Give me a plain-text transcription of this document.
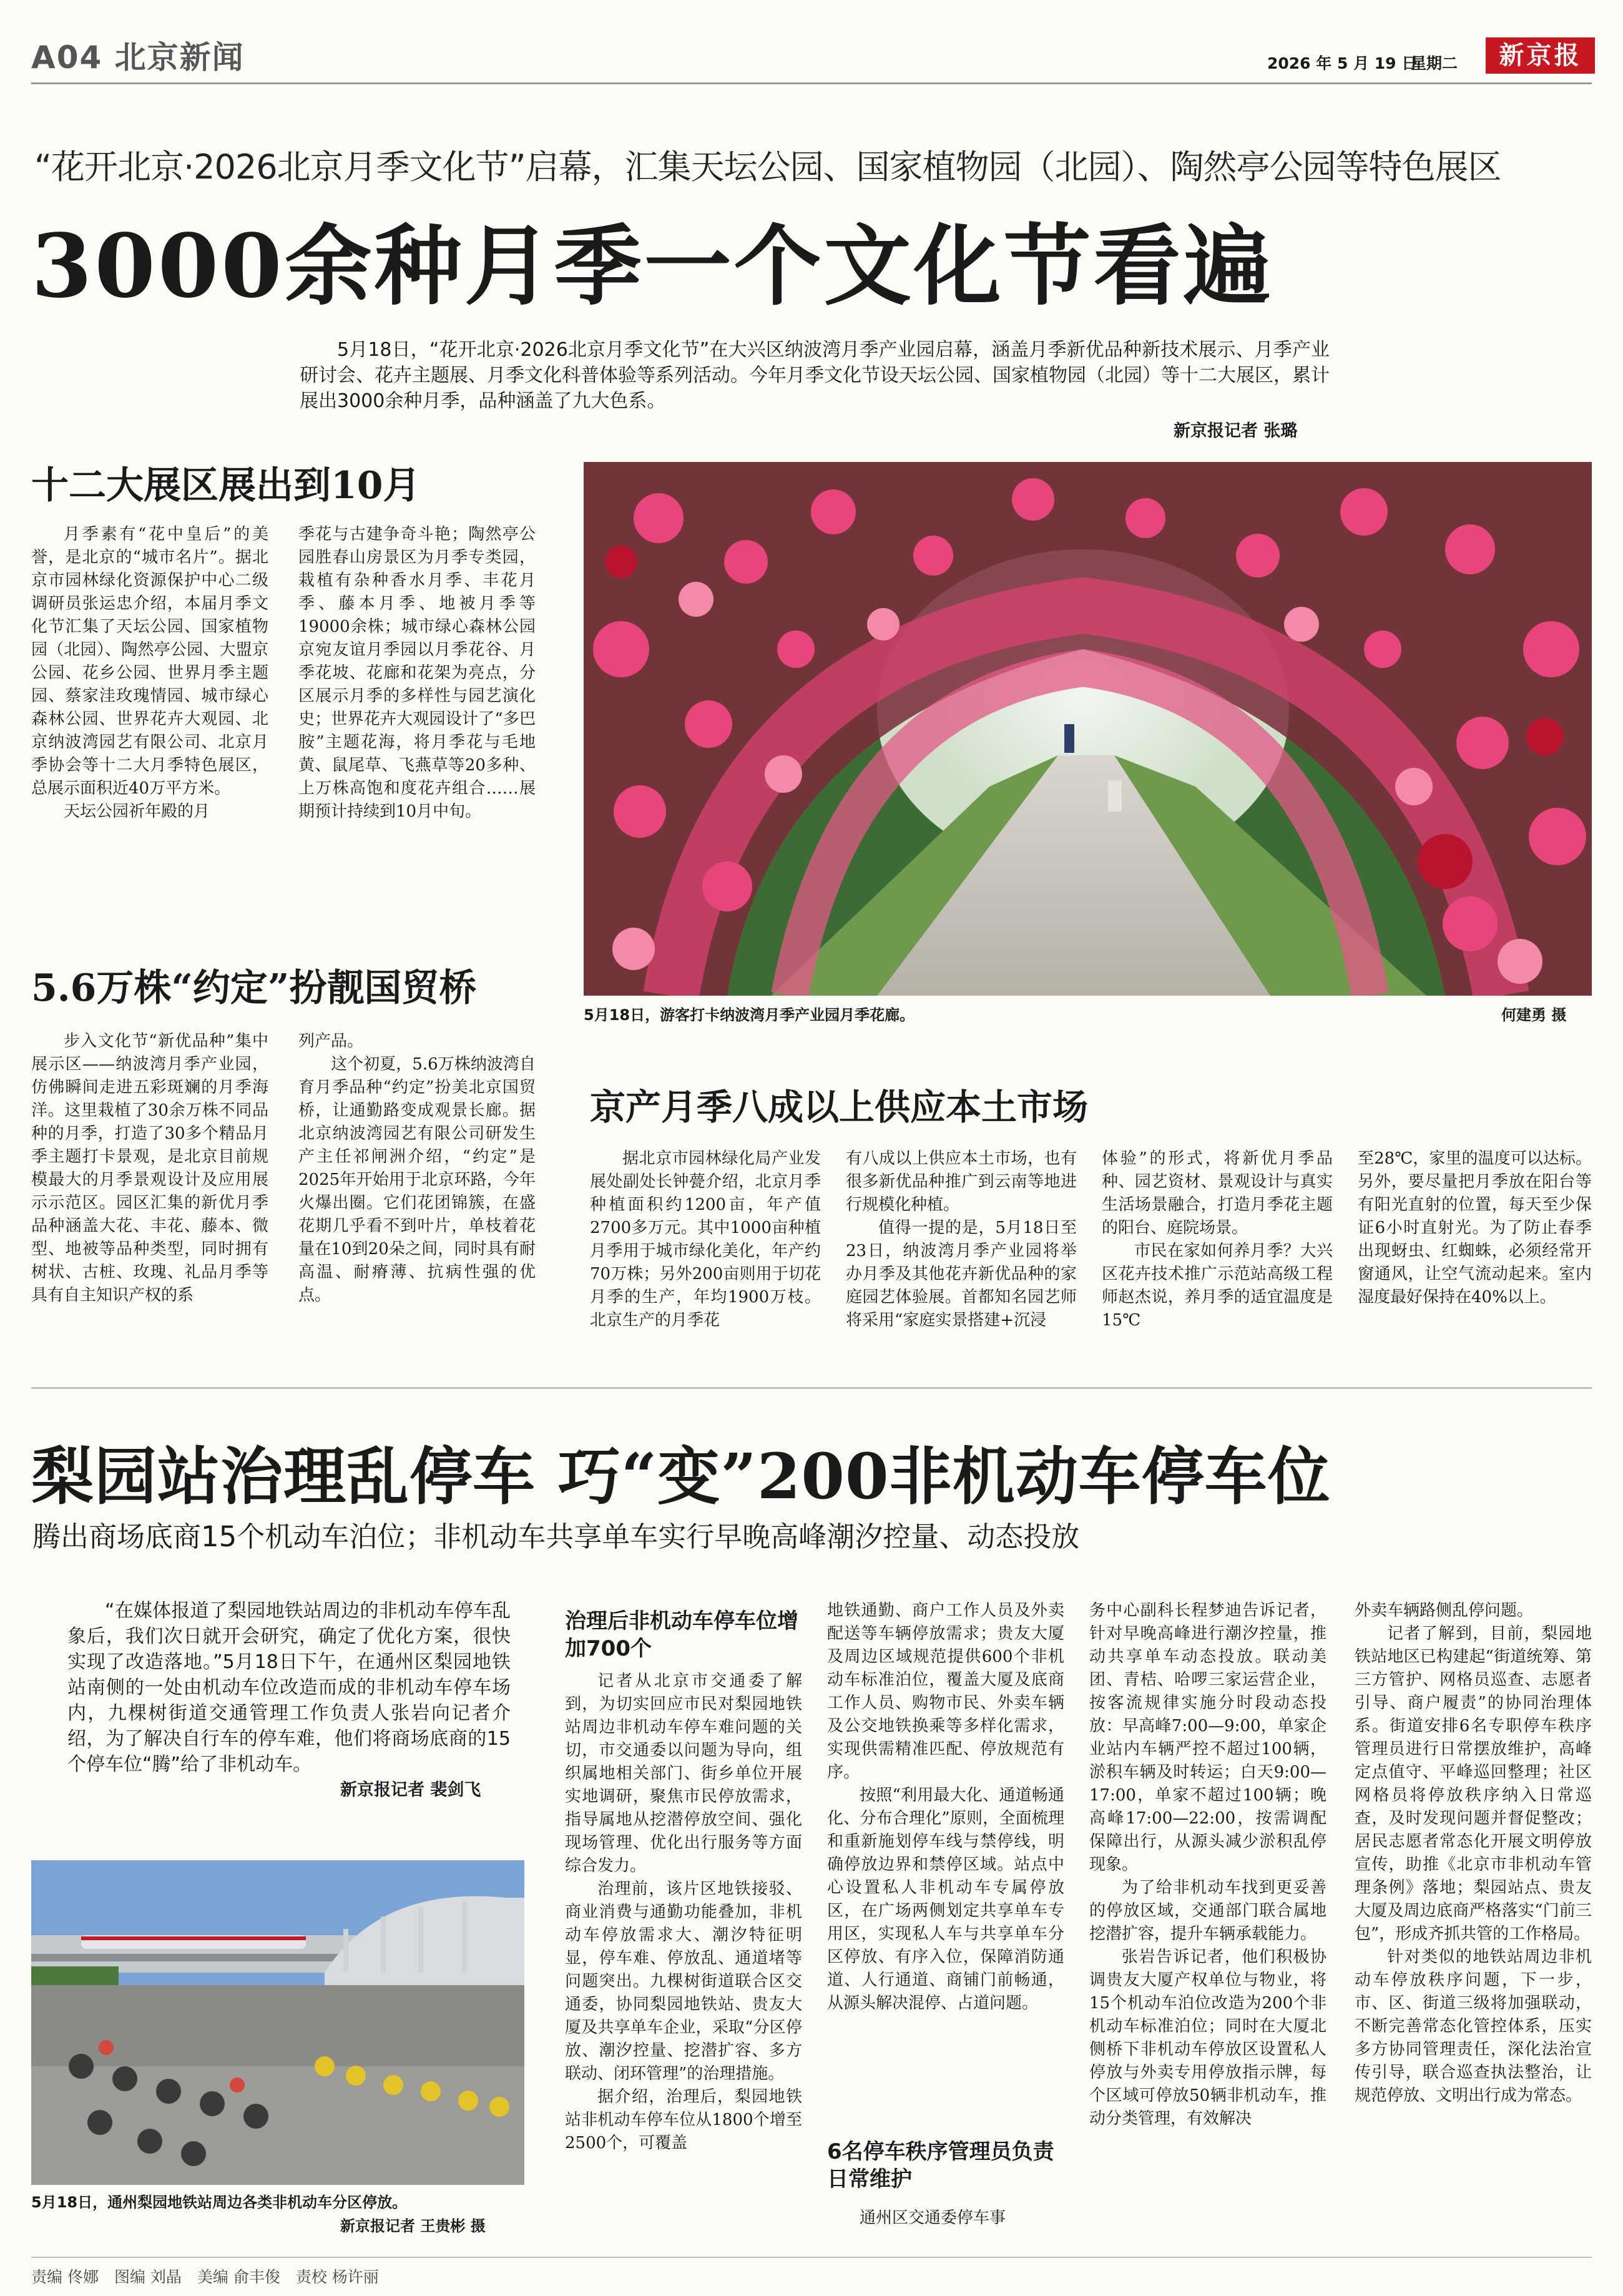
A04 北京新闻	2026 年 5 月 19 日
星期二	新京报
“花开北京·2026北京月季文化节”启幕，汇集天坛公园、国家植物园（北园）、陶然亭公园等特色展区
3000余种月季一个文化节看遍
5月18日，“花开北京·2026北京月季文化节”在大兴区纳波湾月季产业园启幕，涵盖月季新优品种新技术展示、月季产业研讨会、花卉主题展、月季文化科普体验等系列活动。今年月季文化节设天坛公园、国家植物园（北园）等十二大展区，累计展出3000余种月季，品种涵盖了九大色系。
新京报记者 张璐
十二大展区展出到10月

月季素有“花中皇后”的美誉，是北京的“城市名片”。据北京市园林绿化资源保护中心二级调研员张运忠介绍，本届月季文化节汇集了天坛公园、国家植物园（北园）、陶然亭公园、大盟京公园、花乡公园、世界月季主题园、蔡家洼玫瑰情园、城市绿心森林公园、世界花卉大观园、北京纳波湾园艺有限公司、北京月季协会等十二大月季特色展区，总展示面积近40万平方米。

天坛公园祈年殿的月

季花与古建争奇斗艳；陶然亭公园胜春山房景区为月季专类园，栽植有杂种香水月季、丰花月季、藤本月季、地被月季等19000余株；城市绿心森林公园京宛友谊月季园以月季花谷、月季花坡、花廊和花架为亮点，分区展示月季的多样性与园艺演化史；世界花卉大观园设计了“多巴胺”主题花海，将月季花与毛地黄、鼠尾草、飞燕草等20多种、上万株高饱和度花卉组合……展期预计持续到10月中旬。

5月18日，游客打卡纳波湾月季产业园月季花廊。	何建勇 摄
5.6万株“约定”扮靓国贸桥

步入文化节“新优品种”集中展示区——纳波湾月季产业园，仿佛瞬间走进五彩斑斓的月季海洋。这里栽植了30余万株不同品种的月季，打造了30多个精品月季主题打卡景观，是北京目前规模最大的月季景观设计及应用展示示范区。园区汇集的新优月季品种涵盖大花、丰花、藤本、微型、地被等品种类型，同时拥有树状、古桩、玫瑰、礼品月季等具有自主知识产权的系

列产品。

这个初夏，5.6万株纳波湾自育月季品种“约定”扮美北京国贸桥，让通勤路变成观景长廊。据北京纳波湾园艺有限公司研发生产主任祁闸洲介绍，“约定”是2025年开始用于北京环路，今年火爆出圈。它们花团锦簇，在盛花期几乎看不到叶片，单枝着花量在10到20朵之间，同时具有耐高温、耐瘠薄、抗病性强的优点。

京产月季八成以上供应本土市场

据北京市园林绿化局产业发展处副处长钟甍介绍，北京月季种植面积约1200亩，年产值2700多万元。其中1000亩种植月季用于城市绿化美化，年产约70万株；另外200亩则用于切花月季的生产，年均1900万枝。北京生产的月季花

有八成以上供应本土市场，也有很多新优品种推广到云南等地进行规模化种植。

值得一提的是，5月18日至23日，纳波湾月季产业园将举办月季及其他花卉新优品种的家庭园艺体验展。首都知名园艺师将采用“家庭实景搭建+沉浸

体验”的形式，将新优月季品种、园艺资材、景观设计与真实生活场景融合，打造月季花主题的阳台、庭院场景。

市民在家如何养月季？大兴区花卉技术推广示范站高级工程师赵杰说，养月季的适宜温度是15℃

至28℃，家里的温度可以达标。另外，要尽量把月季放在阳台等有阳光直射的位置，每天至少保证6小时直射光。为了防止春季出现蚜虫、红蜘蛛，必须经常开窗通风，让空气流动起来。室内湿度最好保持在40%以上。

梨园站治理乱停车 巧“变”200非机动车停车位
腾出商场底商15个机动车泊位；非机动车共享单车实行早晚高峰潮汐控量、动态投放
“在媒体报道了梨园地铁站周边的非机动车停车乱象后，我们次日就开会研究，确定了优化方案，很快实现了改造落地。”5月18日下午，在通州区梨园地铁站南侧的一处由机动车位改造而成的非机动车停车场内，九棵树街道交通管理工作负责人张岩向记者介绍，为了解决自行车的停车难，他们将商场底商的15个停车位“腾”给了非机动车。
新京报记者 裴剑飞
5月18日，通州梨园地铁站周边各类非机动车分区停放。
新京报记者 王贵彬 摄
治理后非机动车停车位增加700个

记者从北京市交通委了解到，为切实回应市民对梨园地铁站周边非机动车停车难问题的关切，市交通委以问题为导向，组织属地相关部门、街乡单位开展实地调研，聚焦市民停放需求，指导属地从挖潜停放空间、强化现场管理、优化出行服务等方面综合发力。

治理前，该片区地铁接驳、商业消费与通勤功能叠加，非机动车停放需求大、潮汐特征明显，停车难、停放乱、通道堵等问题突出。九棵树街道联合区交通委，协同梨园地铁站、贵友大厦及共享单车企业，采取“分区停放、潮汐控量、挖潜扩容、多方联动、闭环管理”的治理措施。

据介绍，治理后，梨园地铁站非机动车停车位从1800个增至2500个，可覆盖

地铁通勤、商户工作人员及外卖配送等车辆停放需求；贵友大厦及周边区域规范提供600个非机动车标准泊位，覆盖大厦及底商工作人员、购物市民、外卖车辆及公交地铁换乘等多样化需求，实现供需精准匹配、停放规范有序。

按照“利用最大化、通道畅通化、分布合理化”原则，全面梳理和重新施划停车线与禁停线，明确停放边界和禁停区域。站点中心设置私人非机动车专属停放区，在广场两侧划定共享单车专用区，实现私人车与共享单车分区停放、有序入位，保障消防通道、人行通道、商铺门前畅通，从源头解决混停、占道问题。

6名停车秩序管理员负责日常维护

通州区交通委停车事

务中心副科长程梦迪告诉记者，针对早晚高峰进行潮汐控量，推动共享单车动态投放。联动美团、青桔、哈啰三家运营企业，按客流规律实施分时段动态投放：早高峰7:00—9:00，单家企业站内车辆严控不超过100辆，淤积车辆及时转运；白天9:00—17:00，单家不超过100辆；晚高峰17:00—22:00，按需调配保障出行，从源头减少淤积乱停现象。

为了给非机动车找到更妥善的停放区域，交通部门联合属地挖潜扩容，提升车辆承载能力。

张岩告诉记者，他们积极协调贵友大厦产权单位与物业，将15个机动车泊位改造为200个非机动车标准泊位；同时在大厦北侧桥下非机动车停放区设置私人停放与外卖专用停放指示牌，每个区域可停放50辆非机动车，推动分类管理，有效解决

外卖车辆路侧乱停问题。

记者了解到，目前，梨园地铁站地区已构建起“街道统筹、第三方管护、网格员巡查、志愿者引导、商户履责”的协同治理体系。街道安排6名专职停车秩序管理员进行日常摆放维护，高峰定点值守、平峰巡回整理；社区网格员将停放秩序纳入日常巡查，及时发现问题并督促整改；居民志愿者常态化开展文明停放宣传，助推《北京市非机动车管理条例》落地；梨园站点、贵友大厦及周边底商严格落实“门前三包”，形成齐抓共管的工作格局。

针对类似的地铁站周边非机动车停放秩序问题，下一步，市、区、街道三级将加强联动，不断完善常态化管控体系，压实多方协同管理责任，深化法治宣传引导，联合巡查执法整治，让规范停放、文明出行成为常态。

责编 佟娜　图编 刘晶　美编 俞丰俊　责校 杨许丽
